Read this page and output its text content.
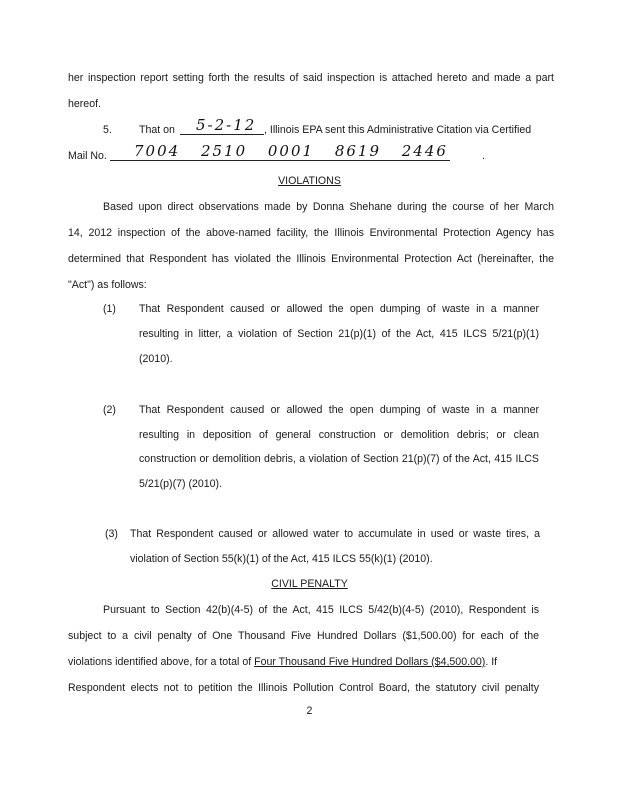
her inspection report setting forth the results of said inspection is attached hereto and made a part
hereof.
5.	That on 5-2-12 , Illinois EPA sent this Administrative Citation via Certified
Mail No. 7004 2510 0001 8619 2446	.
VIOLATIONS
Based upon direct observations made by Donna Shehane during the course of her March
14, 2012 inspection of the above-named facility, the Illinois Environmental Protection Agency has
determined that Respondent has violated the Illinois Environmental Protection Act (hereinafter, the
"Act") as follows:
(1) That Respondent caused or allowed the open dumping of waste in a manner
resulting in litter, a violation of Section 21(p)(1) of the Act, 415 ILCS 5/21(p)(1)
(2010).
(2) That Respondent caused or allowed the open dumping of waste in a manner
resulting in deposition of general construction or demolition debris; or clean
construction or demolition debris, a violation of Section 21(p)(7) of the Act, 415 ILCS
5/21(p)(7) (2010).
(3) That Respondent caused or allowed water to accumulate in used or waste tires, a
violation of Section 55(k)(1) of the Act, 415 ILCS 55(k)(1) (2010).
CIVIL PENALTY
Pursuant to Section 42(b)(4-5) of the Act, 415 ILCS 5/42(b)(4-5) (2010), Respondent is
subject to a civil penalty of One Thousand Five Hundred Dollars ($1,500.00) for each of the
violations identified above, for a total of Four Thousand Five Hundred Dollars ($4,500.00). If
Respondent elects not to petition the Illinois Pollution Control Board, the statutory civil penalty
2
